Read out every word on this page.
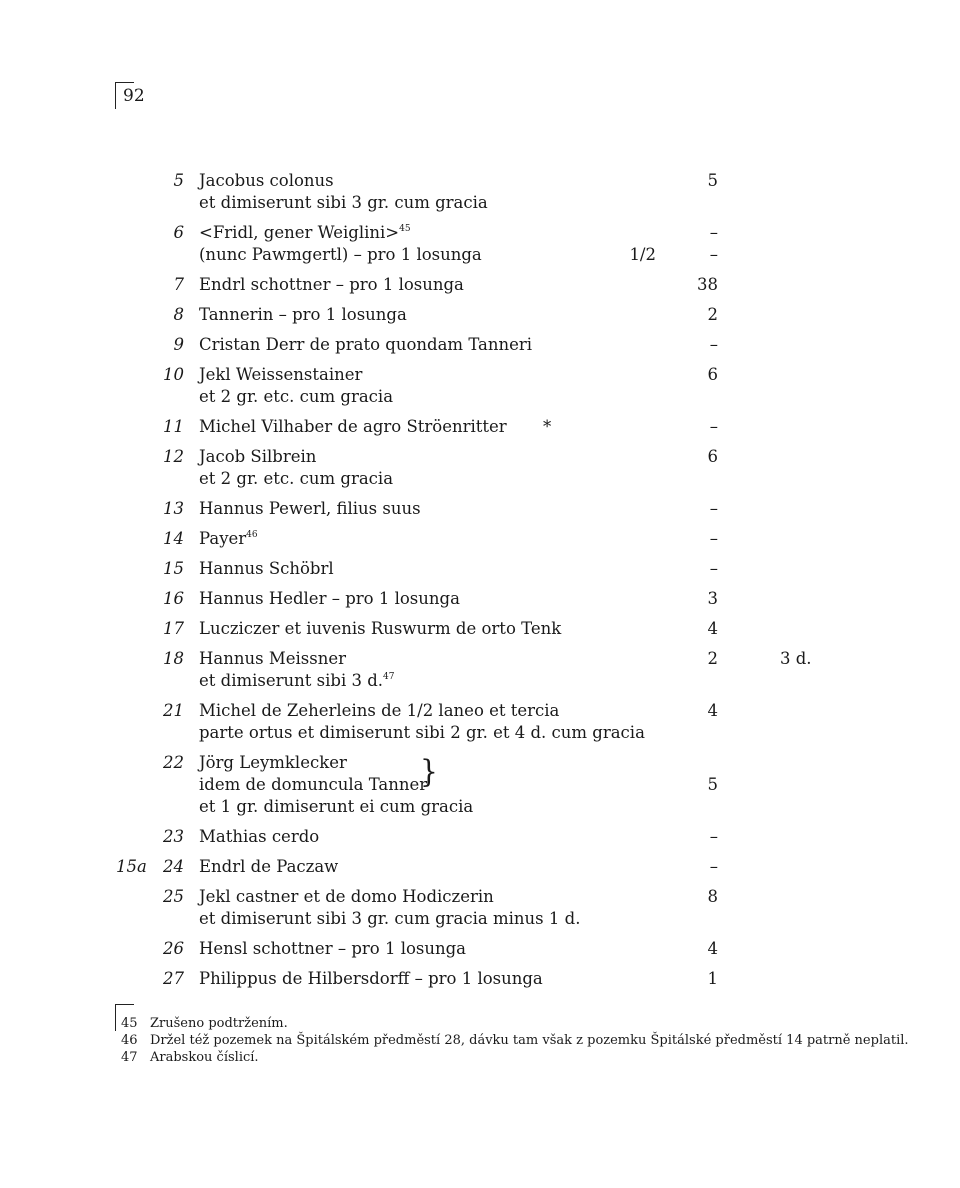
92
5 Jacobus colonus	5
et dimiserunt sibi 3 gr. cum gracia
6 <Fridl, gener Weiglini>$^{45}$	–
(nunc Pawmgertl) – pro 1 losunga	1/2	–
7 Endrl schottner – pro 1 losunga	38
8 Tannerin – pro 1 losunga	2
9 Cristan Derr de prato quondam Tanneri	–
10 Jekl Weissenstainer	6
et 2 gr. etc. cum gracia
11 Michel Vilhaber de agro Ströenritter *	–
12 Jacob Silbrein	6
et 2 gr. etc. cum gracia
13 Hannus Pewerl, filius suus	–
14 Payer$^{46}$	–
15 Hannus Schöbrl	–
16 Hannus Hedler – pro 1 losunga	3
17 Lucziczer et iuvenis Ruswurm de orto Tenk	4
18 Hannus Meissner	2	3 d.
et dimiserunt sibi 3 d.$^{47}$
21 Michel de Zeherleins de 1/2 laneo et tercia	4
parte ortus et dimiserunt sibi 2 gr. et 4 d. cum gracia
22 Jörg Leymklecker	}
idem de domuncula Tanner	5
et 1 gr. dimiserunt ei cum gracia
23 Mathias cerdo	–
15a 24 Endrl de Paczaw	–
25 Jekl castner et de domo Hodiczerin	8
et dimiserunt sibi 3 gr. cum gracia minus 1 d.
26 Hensl schottner – pro 1 losunga	4
27 Philippus de Hilbersdorff – pro 1 losunga	1
45 Zrušeno podtržením.
46 Držel též pozemek na Špitálském předměstí 28, dávku tam však z pozemku Špitálské předměstí 14 patrně neplatil.
47 Arabskou číslicí.
